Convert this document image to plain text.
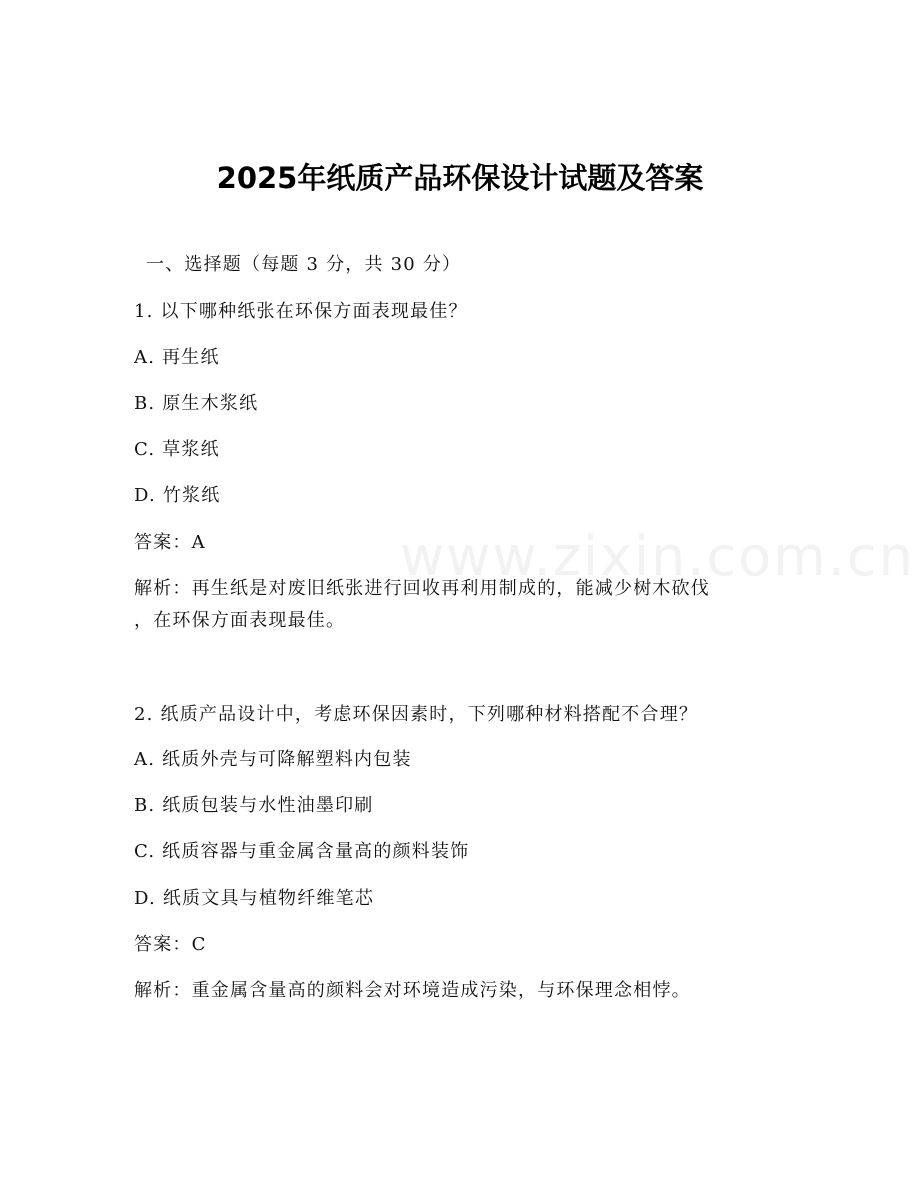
www.zixin.com.cn
2025年纸质产品环保设计试题及答案

一、选择题（每题 3 分，共 30 分）

1. 以下哪种纸张在环保方面表现最佳？

A. 再生纸

B. 原生木浆纸

C. 草浆纸

D. 竹浆纸

答案：A

解析：再生纸是对废旧纸张进行回收再利用制成的，能减少树木砍伐

，在环保方面表现最佳。

2. 纸质产品设计中，考虑环保因素时，下列哪种材料搭配不合理？

A. 纸质外壳与可降解塑料内包装

B. 纸质包装与水性油墨印刷

C. 纸质容器与重金属含量高的颜料装饰

D. 纸质文具与植物纤维笔芯

答案：C

解析：重金属含量高的颜料会对环境造成污染，与环保理念相悖。
